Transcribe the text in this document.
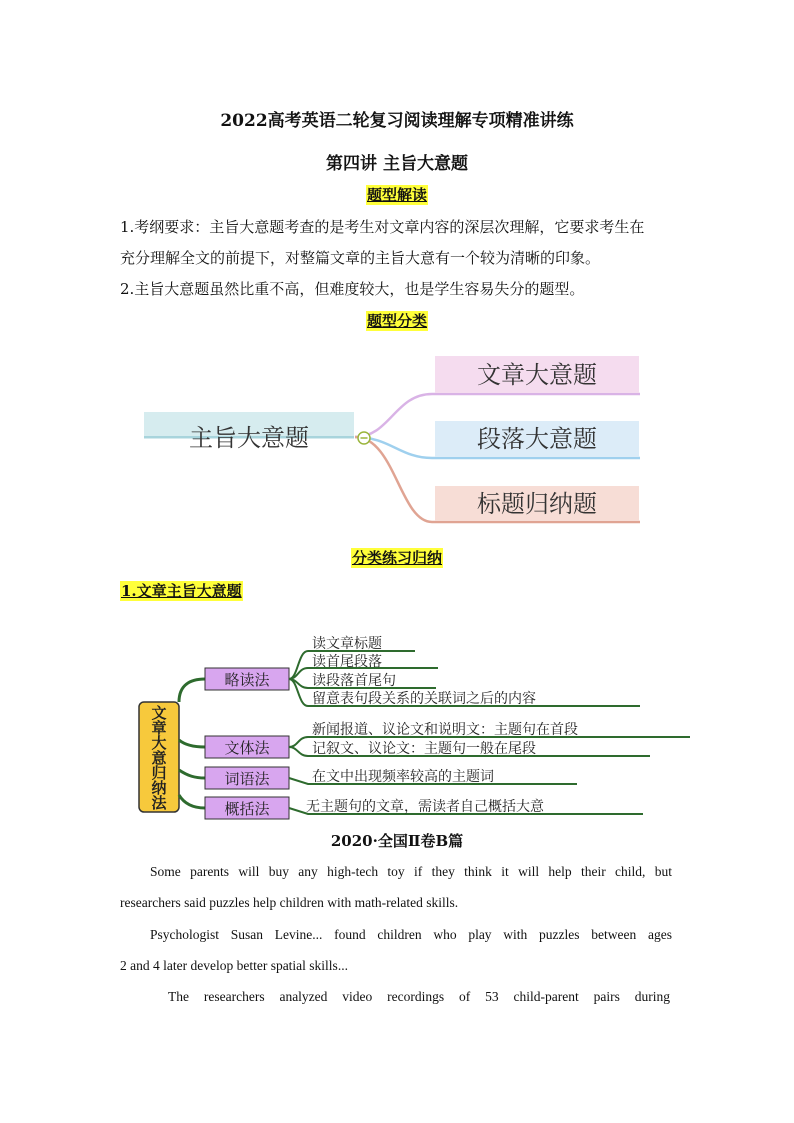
2022高考英语二轮复习阅读理解专项精准讲练
第四讲 主旨大意题
题型解读
1.考纲要求：主旨大意题考查的是考生对文章内容的深层次理解，它要求考生在
充分理解全文的前提下，对整篇文章的主旨大意有一个较为清晰的印象。
2.主旨大意题虽然比重不高，但难度较大，也是学生容易失分的题型。
题型分类
主旨大意题
文章大意题
段落大意题
标题归纳题
分类练习归纳
1.文章主旨大意题
文
章
大
意
归
纳
法
略读法
文体法
词语法
概括法
读文章标题
读首尾段落
读段落首尾句
留意表句段关系的关联词之后的内容
新闻报道、议论文和说明文：主题句在首段
记叙文、议论文：主题句一般在尾段
在文中出现频率较高的主题词
无主题句的文章，需读者自己概括大意
2020·全国Ⅱ卷B篇
Some parents will buy any high-tech toy if they think it will help their child, but
researchers said puzzles help children with math-related skills.
Psychologist Susan Levine... found children who play with puzzles between ages
2 and 4 later develop better spatial skills...
The researchers analyzed video recordings of 53 child-parent pairs during
